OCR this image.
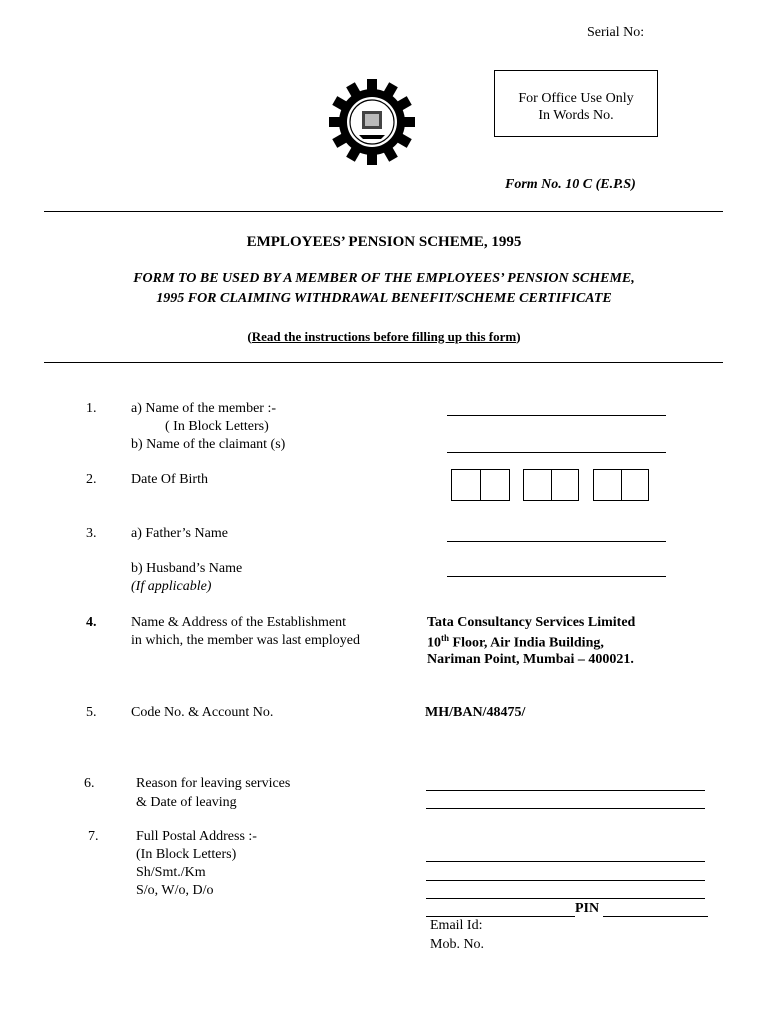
Serial No:
For Office Use Only
In Words No.
Form No. 10 C (E.P.S)
EMPLOYEES’ PENSION SCHEME, 1995
FORM TO BE USED BY A MEMBER OF THE EMPLOYEES’ PENSION SCHEME,
1995 FOR CLAIMING WITHDRAWAL BENEFIT/SCHEME CERTIFICATE
(Read the instructions before filling up this form)
1. a) Name of the member :-
( In Block Letters)
b) Name of the claimant (s)
2. Date Of Birth
3. a) Father’s Name
b) Husband’s Name
(If applicable)
4. Name & Address of the Establishment
in which, the member was last employed
Tata Consultancy Services Limited
10th Floor, Air India Building,
Nariman Point, Mumbai – 400021.
5. Code No. & Account No.	MH/BAN/48475/
6.	Reason for leaving services
& Date of leaving
7.	Full Postal Address :-
(In Block Letters)
Sh/Smt./Km
S/o, W/o, D/o
PIN
Email Id:
Mob. No.
